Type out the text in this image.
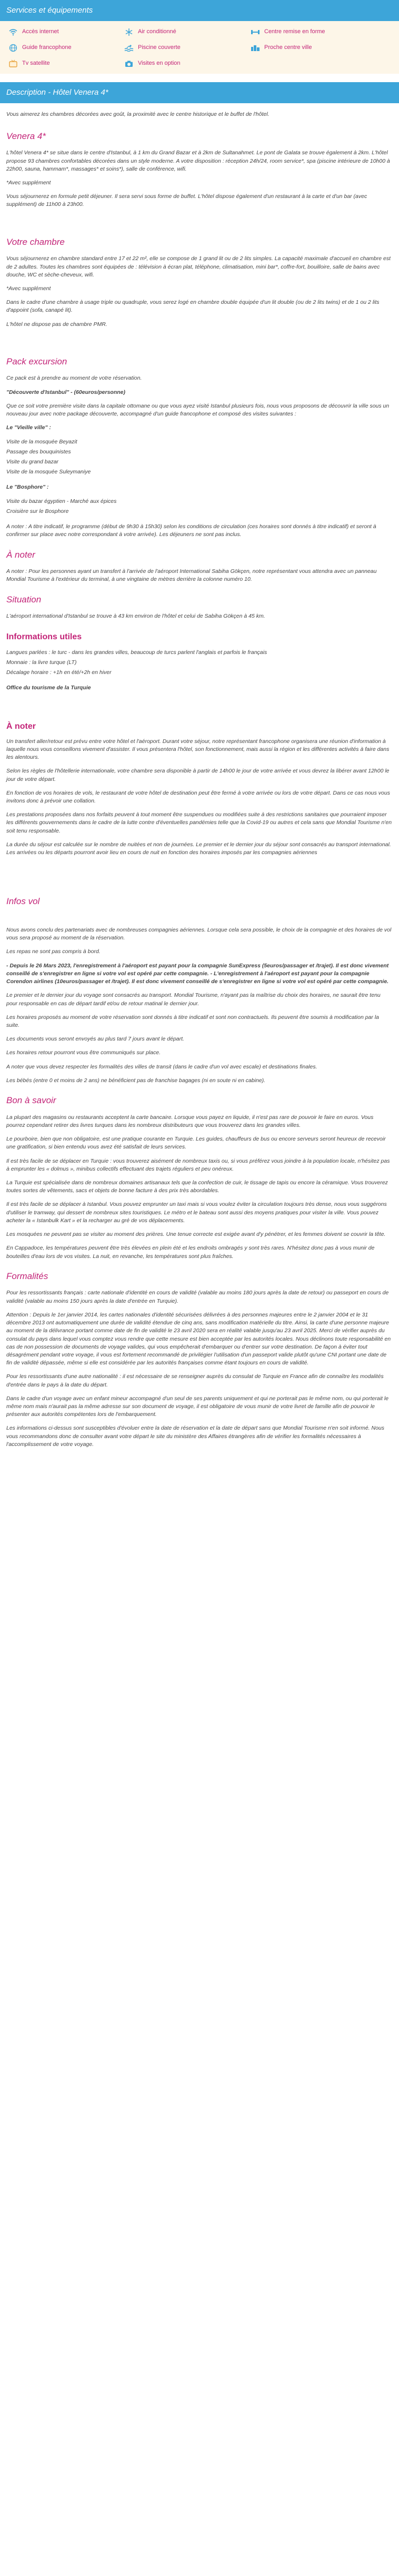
Services et équipements
Accès internet	Air conditionné	Centre remise en forme
Guide francophone	Piscine couverte	Proche centre ville
Tv satellite	Visites en option
Description - Hôtel Venera 4*

Vous aimerez les chambres décorées avec goût, la proximité avec le centre historique et le buffet de l'hôtel.

Venera 4*

L'hôtel Venera 4* se situe dans le centre d'Istanbul, à 1 km du Grand Bazar et à 2km de Sultanahmet. Le pont de Galata se trouve également à 2km. L'hôtel propose 93 chambres confortables décorées dans un style moderne. A votre disposition : réception 24h/24, room service*, spa (piscine intérieure de 10h00 à 22h00, sauna, hammam*, massages* et soins*), salle de conférence, wifi.

*Avec supplément

Vous séjournerez en formule petit déjeuner. Il sera servi sous forme de buffet. L'hôtel dispose également d'un restaurant à la carte et d'un bar (avec supplément) de 11h00 à 23h00.

Votre chambre

Vous séjournerez en chambre standard entre 17 et 22 m², elle se compose de 1 grand lit ou de 2 lits simples. La capacité maximale d'accueil en chambre est de 2 adultes. Toutes les chambres sont équipées de : télévision à écran plat, téléphone, climatisation, mini bar*, coffre-fort, bouilloire, salle de bains avec douche, WC et sèche-cheveux, wifi.

*Avec supplément

Dans le cadre d'une chambre à usage triple ou quadruple, vous serez logé en chambre double équipée d'un lit double (ou de 2 lits twins) et de 1 ou 2 lits d'appoint (sofa, canapé lit).

L'hôtel ne dispose pas de chambre PMR.

Pack excursion

Ce pack est à prendre au moment de votre réservation.

"Découverte d'Istanbul" - (60euros/personne)

Que ce soit votre première visite dans la capitale ottomane ou que vous ayez visité Istanbul plusieurs fois, nous vous proposons de découvrir la ville sous un nouveau jour avec notre package découverte, accompagné d'un guide francophone et composé des visites suivantes :

Le "Vieille ville" :

Visite de la mosquée Beyazit
Passage des bouquinistes
Visite du grand bazar
Visite de la mosquée Suleymaniye

Le "Bosphore" :

Visite du bazar égyptien - Marché aux épices
Croisière sur le Bosphore

A noter : A titre indicatif, le programme (début de 9h30 à 15h30) selon les conditions de circulation (ces horaires sont donnés à titre indicatif) et seront à confirmer sur place avec notre correspondant à votre arrivée). Les déjeuners ne sont pas inclus.

À noter

A noter : Pour les personnes ayant un transfert à l'arrivée de l'aéroport International Sabiha Gökçen, notre représentant vous attendra avec un panneau Mondial Tourisme à l'extérieur du terminal, à une vingtaine de mètres derrière la colonne numéro 10.

Situation

L'aéroport international d'Istanbul se trouve à 43 km environ de l'hôtel et celui de Sabiha Gökçen à 45 km.

Informations utiles

Langues parlées : le turc - dans les grandes villes, beaucoup de turcs parlent l'anglais et parfois le français
Monnaie : la livre turque (LT)
Décalage horaire : +1h en été/+2h en hiver

Office du tourisme de la Turquie

À noter

Un transfert aller/retour est prévu entre votre hôtel et l'aéroport. Durant votre séjour, notre représentant francophone organisera une réunion d'information à laquelle nous vous conseillons vivement d'assister. Il vous présentera l'hôtel, son fonctionnement, mais aussi la région et les différentes activités à faire dans les alentours.

Selon les règles de l'hôtellerie internationale, votre chambre sera disponible à partir de 14h00 le jour de votre arrivée et vous devrez la libérer avant 12h00 le jour de votre départ.

En fonction de vos horaires de vols, le restaurant de votre hôtel de destination peut être fermé à votre arrivée ou lors de votre départ. Dans ce cas nous vous invitons donc à prévoir une collation.

Les prestations proposées dans nos forfaits peuvent à tout moment être suspendues ou modifiées suite à des restrictions sanitaires que pourraient imposer les différents gouvernements dans le cadre de la lutte contre d'éventuelles pandémies telle que la Covid-19 ou autres et cela sans que Mondial Tourisme n'en soit tenu responsable.

La durée du séjour est calculée sur le nombre de nuitées et non de journées. Le premier et le dernier jour du séjour sont consacrés au transport international. Les arrivées ou les départs pourront avoir lieu en cours de nuit en fonction des horaires imposés par les compagnies aériennes

Infos vol

Nous avons conclu des partenariats avec de nombreuses compagnies aériennes. Lorsque cela sera possible, le choix de la compagnie et des horaires de vol vous sera proposé au moment de la réservation.

Les repas ne sont pas compris à bord.

- Depuis le 26 Mars 2023, l'enregistrement à l'aéroport est payant pour la compagnie SunExpress (5euros/passager et /trajet). Il est donc vivement conseillé de s'enregistrer en ligne si votre vol est opéré par cette compagnie. - L'enregistrement à l'aéroport est payant pour la compagnie Corendon airlines (10euros/passager et /trajet). Il est donc vivement conseillé de s'enregistrer en ligne si votre vol est opéré par cette compagnie.

Le premier et le dernier jour du voyage sont consacrés au transport. Mondial Tourisme, n'ayant pas la maîtrise du choix des horaires, ne saurait être tenu pour responsable en cas de départ tardif et/ou de retour matinal le dernier jour.

Les horaires proposés au moment de votre réservation sont donnés à titre indicatif et sont non contractuels. Ils peuvent être soumis à modification par la suite.

Les documents vous seront envoyés au plus tard 7 jours avant le départ.

Les horaires retour pourront vous être communiqués sur place.

A noter que vous devez respecter les formalités des villes de transit (dans le cadre d'un vol avec escale) et destinations finales.

Les bébés (entre 0 et moins de 2 ans) ne bénéficient pas de franchise bagages (ni en soute ni en cabine).

Bon à savoir

La plupart des magasins ou restaurants acceptent la carte bancaire. Lorsque vous payez en liquide, il n'est pas rare de pouvoir le faire en euros. Vous pourrez cependant retirer des livres turques dans les nombreux distributeurs que vous trouverez dans les grandes villes.

Le pourboire, bien que non obligatoire, est une pratique courante en Turquie. Les guides, chauffeurs de bus ou encore serveurs seront heureux de recevoir une gratification, si bien entendu vous avez été satisfait de leurs services.

Il est très facile de se déplacer en Turquie : vous trouverez aisément de nombreux taxis ou, si vous préférez vous joindre à la population locale, n'hésitez pas à emprunter les « dolmus », minibus collectifs effectuant des trajets réguliers et peu onéreux.

La Turquie est spécialisée dans de nombreux domaines artisanaux tels que la confection de cuir, le tissage de tapis ou encore la céramique. Vous trouverez toutes sortes de vêtements, sacs et objets de bonne facture à des prix très abordables.

Il est très facile de se déplacer à Istanbul. Vous pouvez emprunter un taxi mais si vous voulez éviter la circulation toujours très dense, nous vous suggérons d'utiliser le tramway, qui dessert de nombreux sites touristiques. Le métro et le bateau sont aussi des moyens pratiques pour visiter la ville. Vous pouvez acheter la « Istanbulk Kart » et la recharger au gré de vos déplacements.

Les mosquées ne peuvent pas se visiter au moment des prières. Une tenue correcte est exigée avant d'y pénétrer, et les femmes doivent se couvrir la tête.

En Cappadoce, les températures peuvent être très élevées en plein été et les endroits ombragés y sont très rares. N'hésitez donc pas à vous munir de bouteilles d'eau lors de vos visites. La nuit, en revanche, les températures sont plus fraîches.

Formalités

Pour les ressortissants français : carte nationale d'identité en cours de validité (valable au moins 180 jours après la date de retour) ou passeport en cours de validité (valable au moins 150 jours après la date d'entrée en Turquie).

Attention : Depuis le 1er janvier 2014, les cartes nationales d'identité sécurisées délivrées à des personnes majeures entre le 2 janvier 2004 et le 31 décembre 2013 ont automatiquement une durée de validité étendue de cinq ans, sans modification matérielle du titre. Ainsi, la carte d'une personne majeure au moment de la délivrance portant comme date de fin de validité le 23 avril 2020 sera en réalité valable jusqu'au 23 avril 2025. Merci de vérifier auprès du consulat du pays dans lequel vous comptez vous rendre que cette mesure est bien acceptée par les autorités locales. Nous déclinons toute responsabilité en cas de non possession de documents de voyage valides, qui vous empêcherait d'embarquer ou d'entrer sur votre destination. De façon à éviter tout désagrément pendant votre voyage, il vous est fortement recommandé de privilégier l'utilisation d'un passeport valide plutôt qu'une CNI portant une date de fin de validité dépassée, même si elle est considérée par les autorités françaises comme étant toujours en cours de validité.

Pour les ressortissants d'une autre nationalité : il est nécessaire de se renseigner auprès du consulat de Turquie en France afin de connaître les modalités d'entrée dans le pays à la date du départ.

Dans le cadre d'un voyage avec un enfant mineur accompagné d'un seul de ses parents uniquement et qui ne porterait pas le même nom, ou qui porterait le même nom mais n'aurait pas la même adresse sur son document de voyage, il est obligatoire de vous munir de votre livret de famille afin de pouvoir le présenter aux autorités compétentes lors de l'embarquement.

Les informations ci-dessus sont susceptibles d'évoluer entre la date de réservation et la date de départ sans que Mondial Tourisme n'en soit informé. Nous vous recommandons donc de consulter avant votre départ le site du ministère des Affaires étrangères afin de vérifier les formalités nécessaires à l'accomplissement de votre voyage.
